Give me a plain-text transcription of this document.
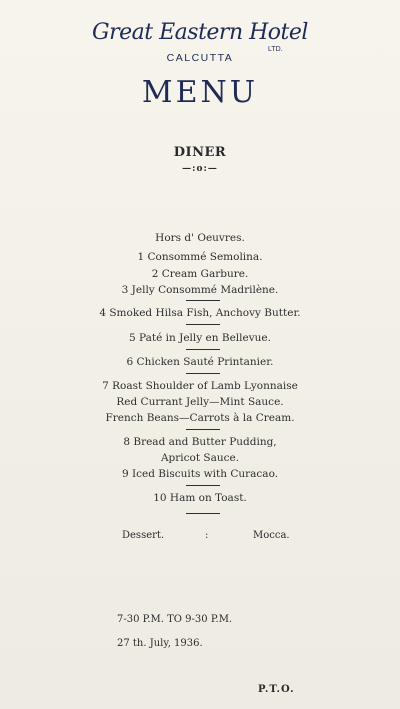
Great Eastern Hotel
LTD.
CALCUTTA
MENU
DINER
—:o:—
Hors d' Oeuvres.
1 Consommé Semolina.
2 Cream Garbure.
3 Jelly Consommé Madrilène.
4 Smoked Hilsa Fish, Anchovy Butter.
5 Paté in Jelly en Bellevue.
6 Chicken Sauté Printanier.
7 Roast Shoulder of Lamb Lyonnaise
Red Currant Jelly—Mint Sauce.
French Beans—Carrots à la Cream.
8 Bread and Butter Pudding,
Apricot Sauce.
9 Iced Biscuits with Curacao.
10 Ham on Toast.
Dessert.	:	Mocca.
7-30 P.M. TO 9-30 P.M.
27 th. July, 1936.
P.T.O.
